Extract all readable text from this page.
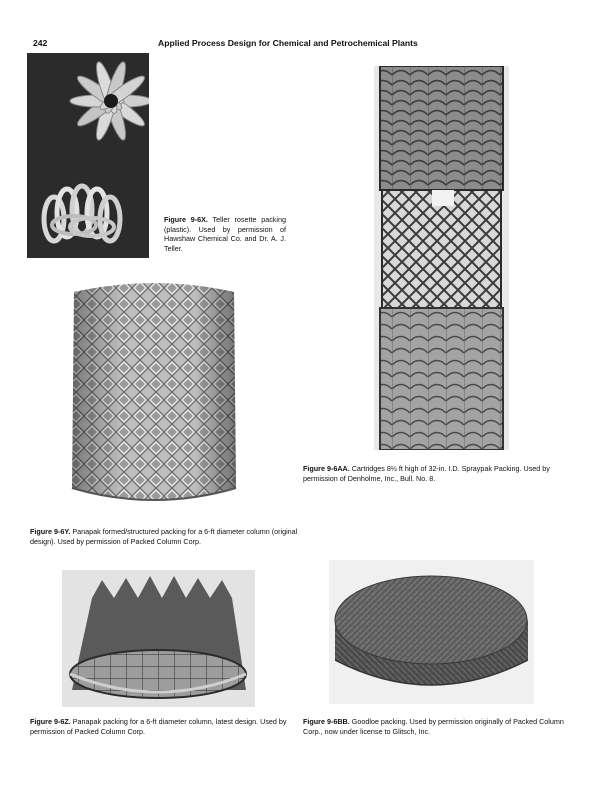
242	Applied Process Design for Chemical and Petrochemical Plants
Figure 9-6X. Teller rosette packing (plastic). Used by permission of Hawshaw Chemical Co. and Dr. A. J. Teller.
Figure 9-6Y. Panapak formed/structured packing for a 6-ft diameter column (original design). Used by permission of Packed Column Corp.
Figure 9-6AA. Cartridges 8½ ft high of 32-in. I.D. Spraypak Packing. Used by permission of Denholme, Inc., Bull. No. 8.
Figure 9-6Z. Panapak packing for a 6-ft diameter column, latest design. Used by permission of Packed Column Corp.
Figure 9-6BB. Goodloe packing. Used by permission originally of Packed Column Corp., now under license to Glitsch, Inc.
